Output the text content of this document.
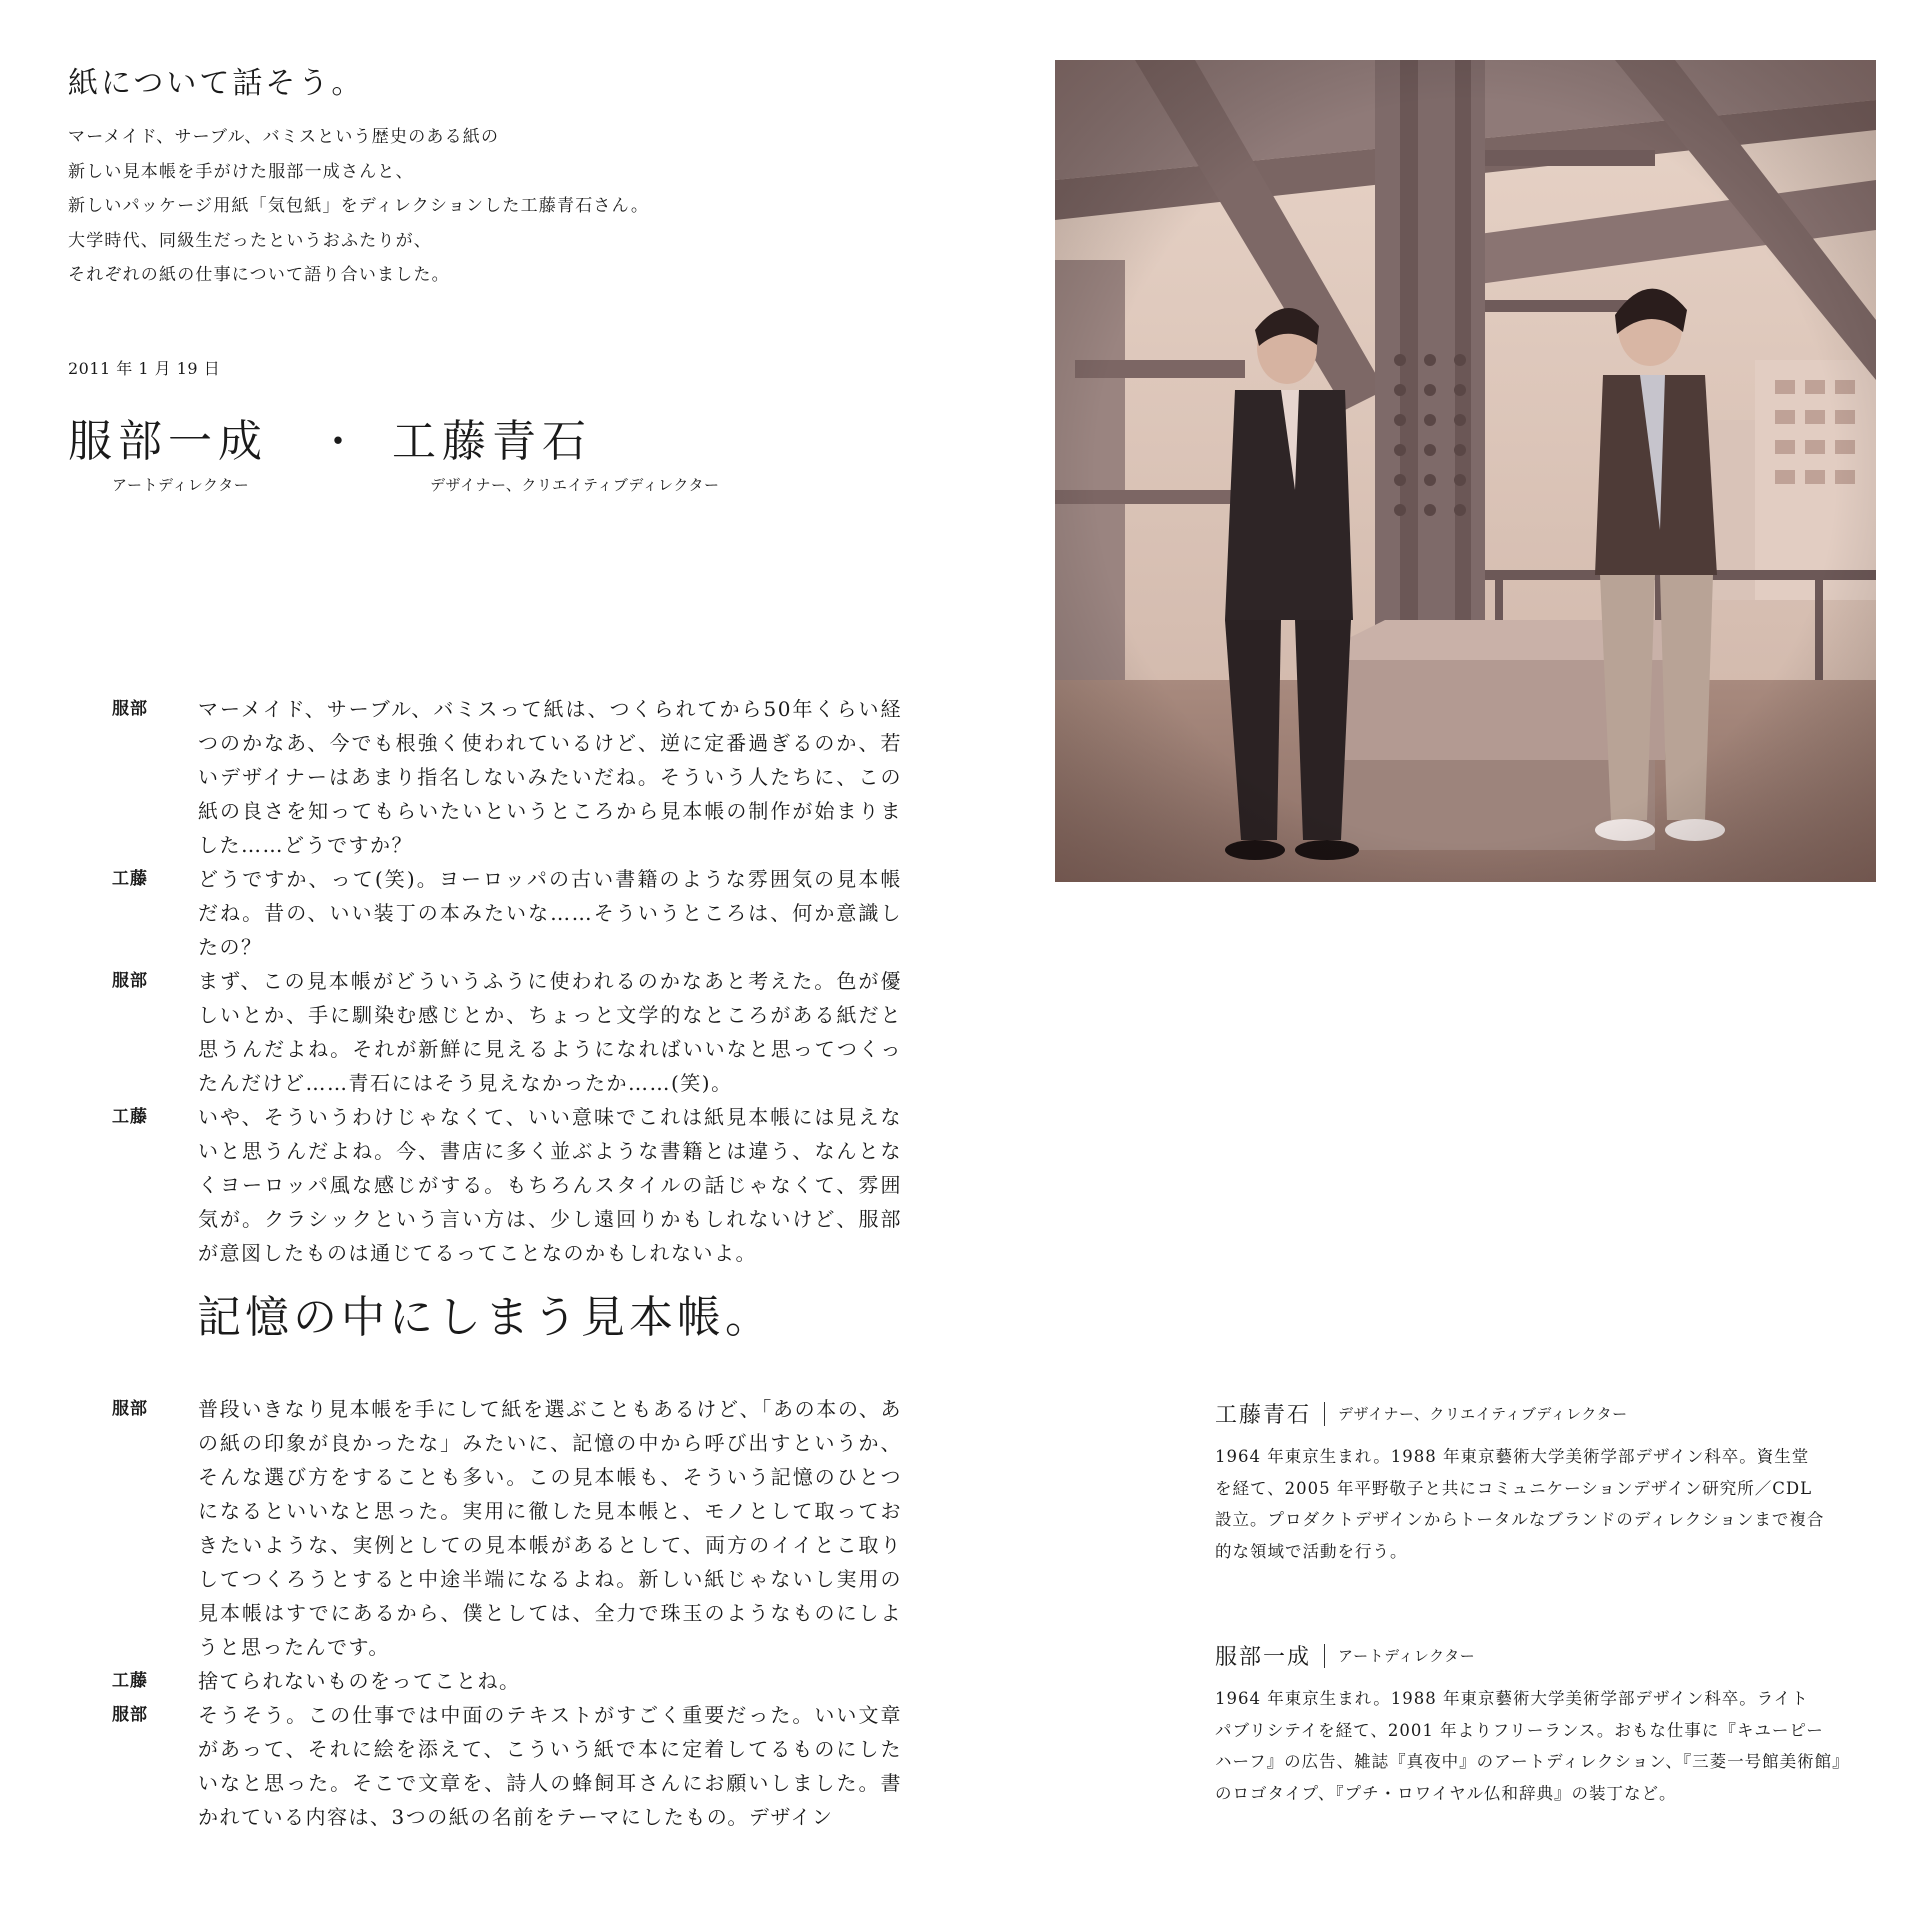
紙について話そう。
マーメイド、サーブル、バミスという歴史のある紙の
新しい見本帳を手がけた服部一成さんと、
新しいパッケージ用紙「気包紙」をディレクションした工藤青石さん。
大学時代、同級生だったというおふたりが、
それぞれの紙の仕事について語り合いました。
2011 年 1 月 19 日
服部一成 ・ 工藤青石
アートディレクター	デザイナー、クリエイティブディレクター
服部	マーメイド、サーブル、バミスって紙は、つくられてから50年くらい経つのかなあ、今でも根強く使われているけど、逆に定番過ぎるのか、若いデザイナーはあまり指名しないみたいだね。そういう人たちに、この紙の良さを知ってもらいたいというところから見本帳の制作が始まりました……どうですか？
工藤	どうですか、って(笑)。ヨーロッパの古い書籍のような雰囲気の見本帳だね。昔の、いい装丁の本みたいな……そういうところは、何か意識したの？
服部	まず、この見本帳がどういうふうに使われるのかなあと考えた。色が優しいとか、手に馴染む感じとか、ちょっと文学的なところがある紙だと思うんだよね。それが新鮮に見えるようになればいいなと思ってつくったんだけど……青石にはそう見えなかったか……(笑)。
工藤	いや、そういうわけじゃなくて、いい意味でこれは紙見本帳には見えないと思うんだよね。今、書店に多く並ぶような書籍とは違う、なんとなくヨーロッパ風な感じがする。もちろんスタイルの話じゃなくて、雰囲気が。クラシックという言い方は、少し遠回りかもしれないけど、服部が意図したものは通じてるってことなのかもしれないよ。
記憶の中にしまう見本帳。
服部	普段いきなり見本帳を手にして紙を選ぶこともあるけど、「あの本の、あの紙の印象が良かったな」みたいに、記憶の中から呼び出すというか、そんな選び方をすることも多い。この見本帳も、そういう記憶のひとつになるといいなと思った。実用に徹した見本帳と、モノとして取っておきたいような、実例としての見本帳があるとして、両方のイイとこ取りしてつくろうとすると中途半端になるよね。新しい紙じゃないし実用の見本帳はすでにあるから、僕としては、全力で珠玉のようなものにしようと思ったんです。
工藤	捨てられないものをってことね。
服部	そうそう。この仕事では中面のテキストがすごく重要だった。いい文章があって、それに絵を添えて、こういう紙で本に定着してるものにしたいなと思った。そこで文章を、詩人の蜂飼耳さんにお願いしました。書かれている内容は、3つの紙の名前をテーマにしたもの。デザイン
工藤青石 デザイナー、クリエイティブディレクター
1964 年東京生まれ。1988 年東京藝術大学美術学部デザイン科卒。資生堂
を経て、2005 年平野敬子と共にコミュニケーションデザイン研究所／CDL
設立。プロダクトデザインからトータルなブランドのディレクションまで複合
的な領域で活動を行う。
服部一成 アートディレクター
1964 年東京生まれ。1988 年東京藝術大学美術学部デザイン科卒。ライト
パブリシテイを経て、2001 年よりフリーランス。おもな仕事に『キユーピー
ハーフ』の広告、雑誌『真夜中』のアートディレクション、『三菱一号館美術館』
のロゴタイプ、『プチ・ロワイヤル仏和辞典』の装丁など。
